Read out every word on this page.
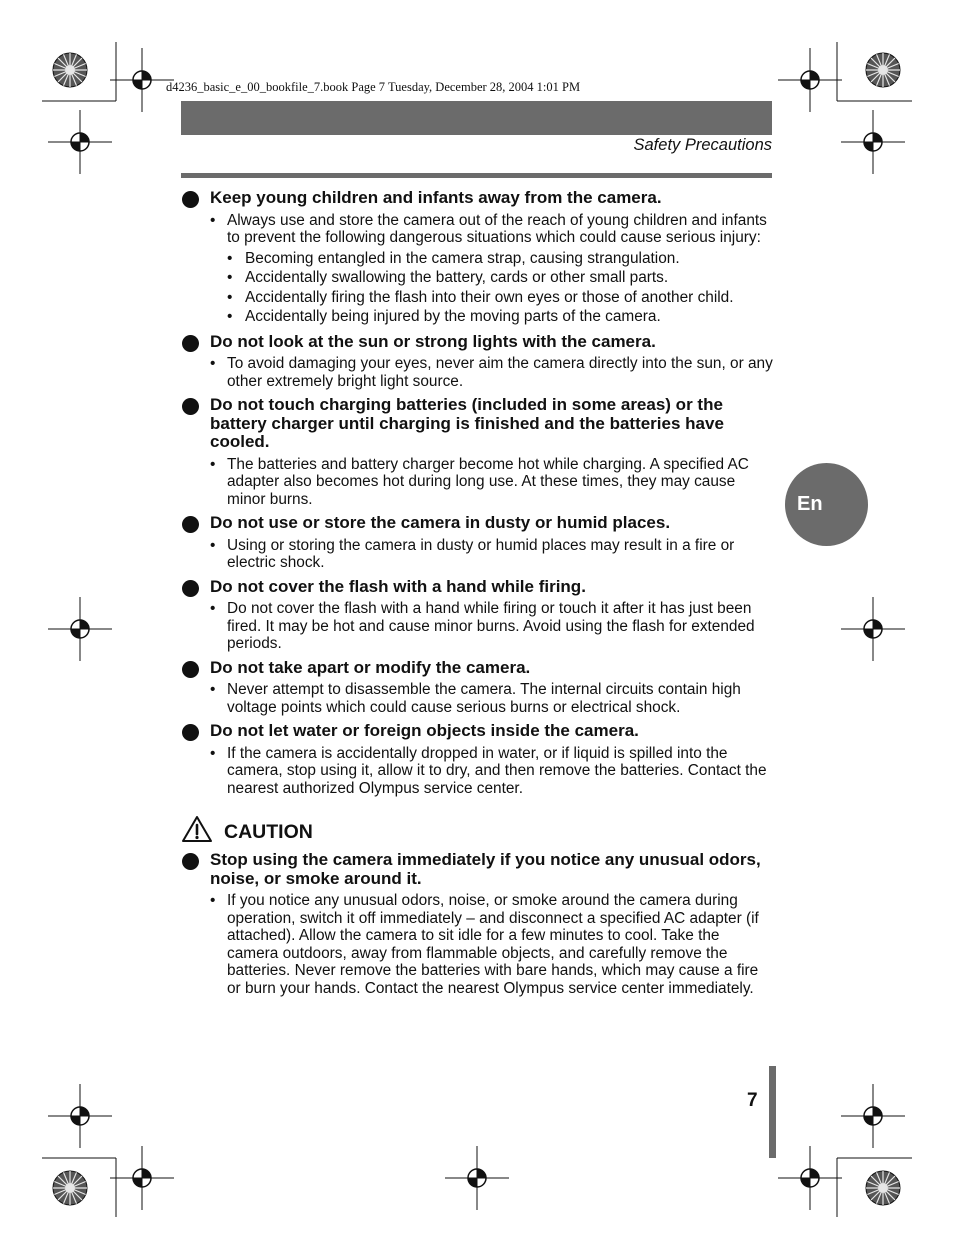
d4236_basic_e_00_bookfile_7.book Page 7 Tuesday, December 28, 2004 1:01 PM
Safety Precautions
Keep young children and infants away from the camera.
• Always use and store the camera out of the reach of young children and infants to prevent the following dangerous situations which could cause serious injury:
• Becoming entangled in the camera strap, causing strangulation.
• Accidentally swallowing the battery, cards or other small parts.
• Accidentally firing the flash into their own eyes or those of another child.
• Accidentally being injured by the moving parts of the camera.
Do not look at the sun or strong lights with the camera.
• To avoid damaging your eyes, never aim the camera directly into the sun, or any other extremely bright light source.
Do not touch charging batteries (included in some areas) or the battery charger until charging is finished and the batteries have cooled.
• The batteries and battery charger become hot while charging. A specified AC adapter also becomes hot during long use. At these times, they may cause minor burns.
Do not use or store the camera in dusty or humid places.
• Using or storing the camera in dusty or humid places may result in a fire or electric shock.
Do not cover the flash with a hand while firing.
• Do not cover the flash with a hand while firing or touch it after it has just been fired. It may be hot and cause minor burns. Avoid using the flash for extended periods.
Do not take apart or modify the camera.
• Never attempt to disassemble the camera. The internal circuits contain high voltage points which could cause serious burns or electrical shock.
Do not let water or foreign objects inside the camera.
• If the camera is accidentally dropped in water, or if liquid is spilled into the camera, stop using it, allow it to dry, and then remove the batteries. Contact the nearest authorized Olympus service center.
CAUTION
Stop using the camera immediately if you notice any unusual odors, noise, or smoke around it.
• If you notice any unusual odors, noise, or smoke around the camera during operation, switch it off immediately – and disconnect a specified AC adapter (if attached). Allow the camera to sit idle for a few minutes to cool. Take the camera outdoors, away from flammable objects, and carefully remove the batteries. Never remove the batteries with bare hands, which may cause a fire or burn your hands. Contact the nearest Olympus service center immediately.
En
7
